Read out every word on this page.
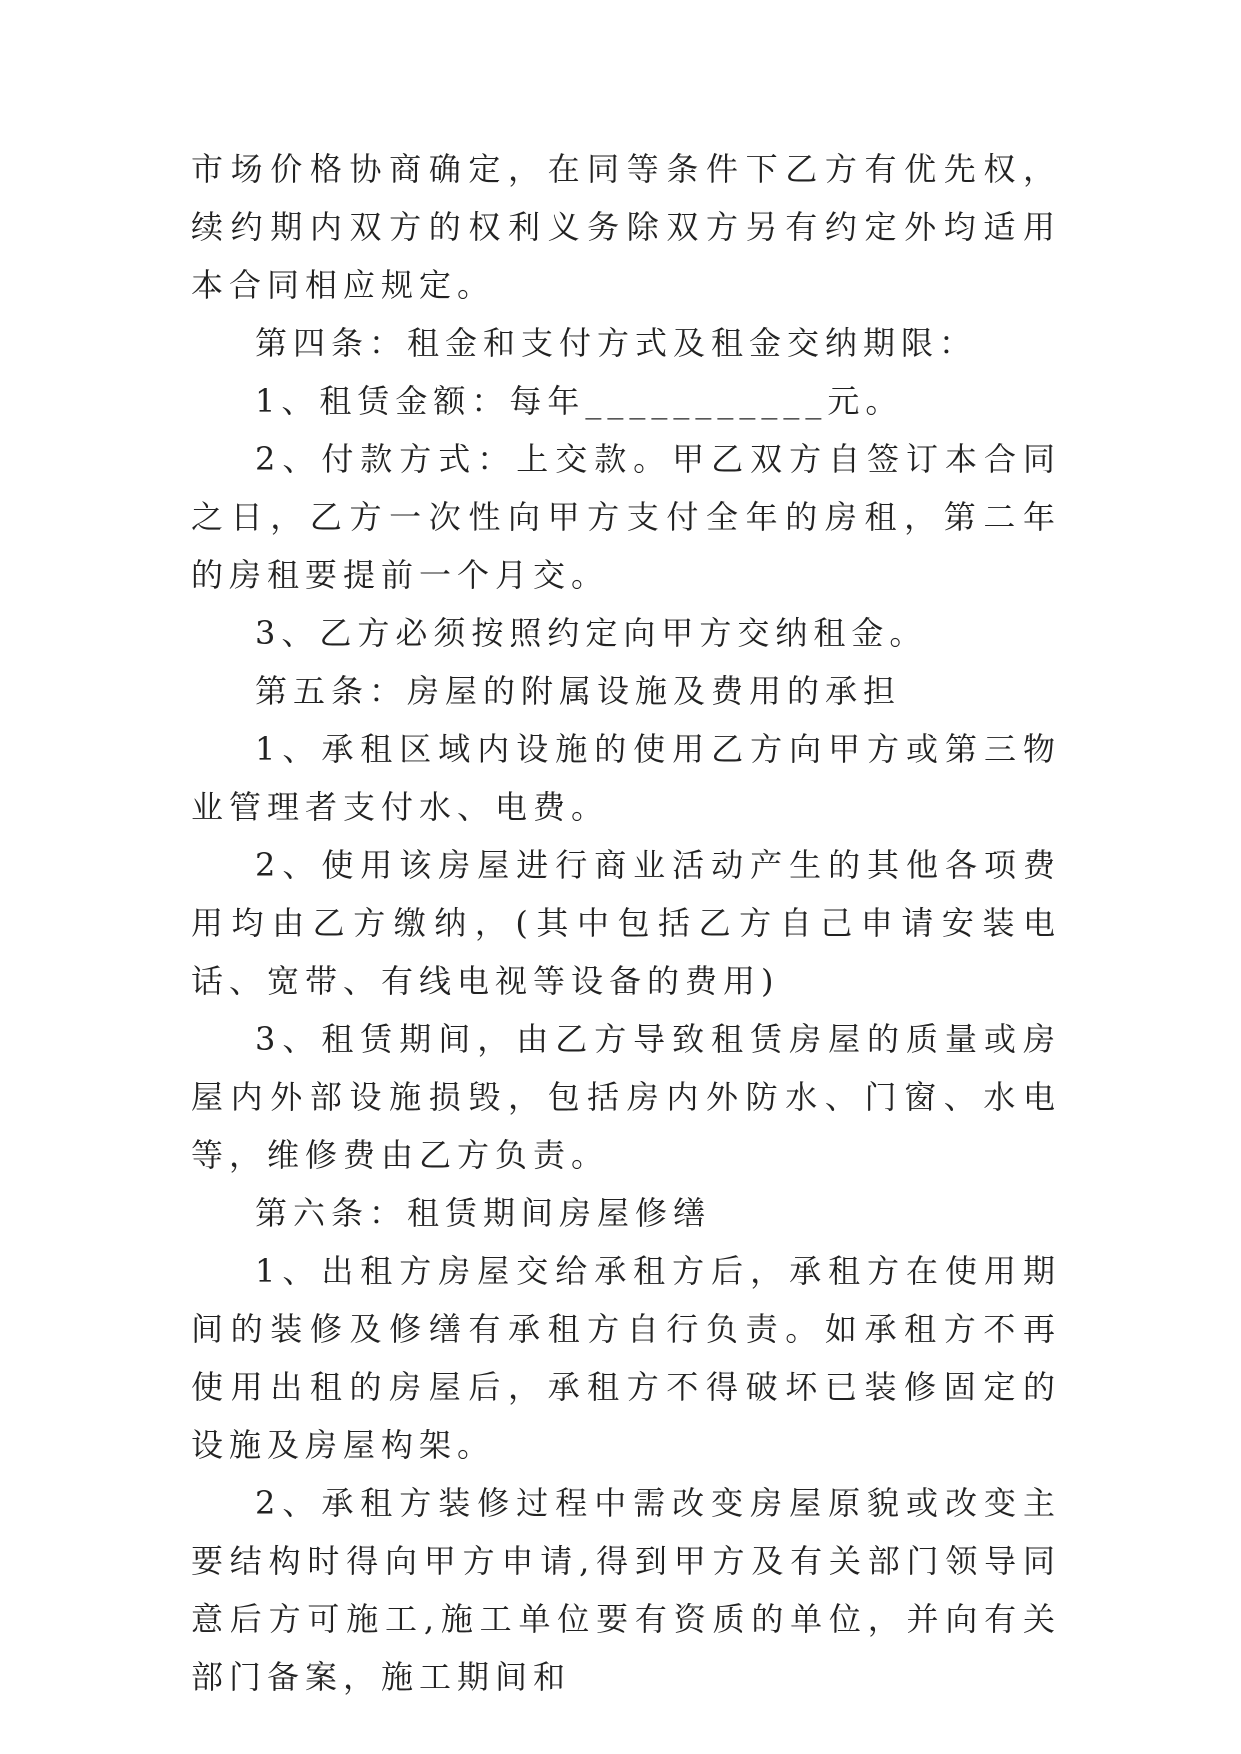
市场价格协商确定，在同等条件下乙方有优先权，续约期内双方的权利义务除双方另有约定外均适用本合同相应规定。

第四条：租金和支付方式及租金交纳期限：

1、租赁金额：每年___________元。

2、付款方式：上交款。甲乙双方自签订本合同之日，乙方一次性向甲方支付全年的房租，第二年的房租要提前一个月交。

3、乙方必须按照约定向甲方交纳租金。

第五条：房屋的附属设施及费用的承担

1、承租区域内设施的使用乙方向甲方或第三物业管理者支付水、电费。

2、使用该房屋进行商业活动产生的其他各项费用均由乙方缴纳，(其中包括乙方自己申请安装电话、宽带、有线电视等设备的费用)

3、租赁期间，由乙方导致租赁房屋的质量或房屋内外部设施损毁，包括房内外防水、门窗、水电等，维修费由乙方负责。

第六条：租赁期间房屋修缮

1、出租方房屋交给承租方后，承租方在使用期间的装修及修缮有承租方自行负责。如承租方不再使用出租的房屋后，承租方不得破坏已装修固定的设施及房屋构架。

2、承租方装修过程中需改变房屋原貌或改变主要结构时得向甲方申请,得到甲方及有关部门领导同意后方可施工,施工单位要有资质的单位，并向有关部门备案，施工期间和
